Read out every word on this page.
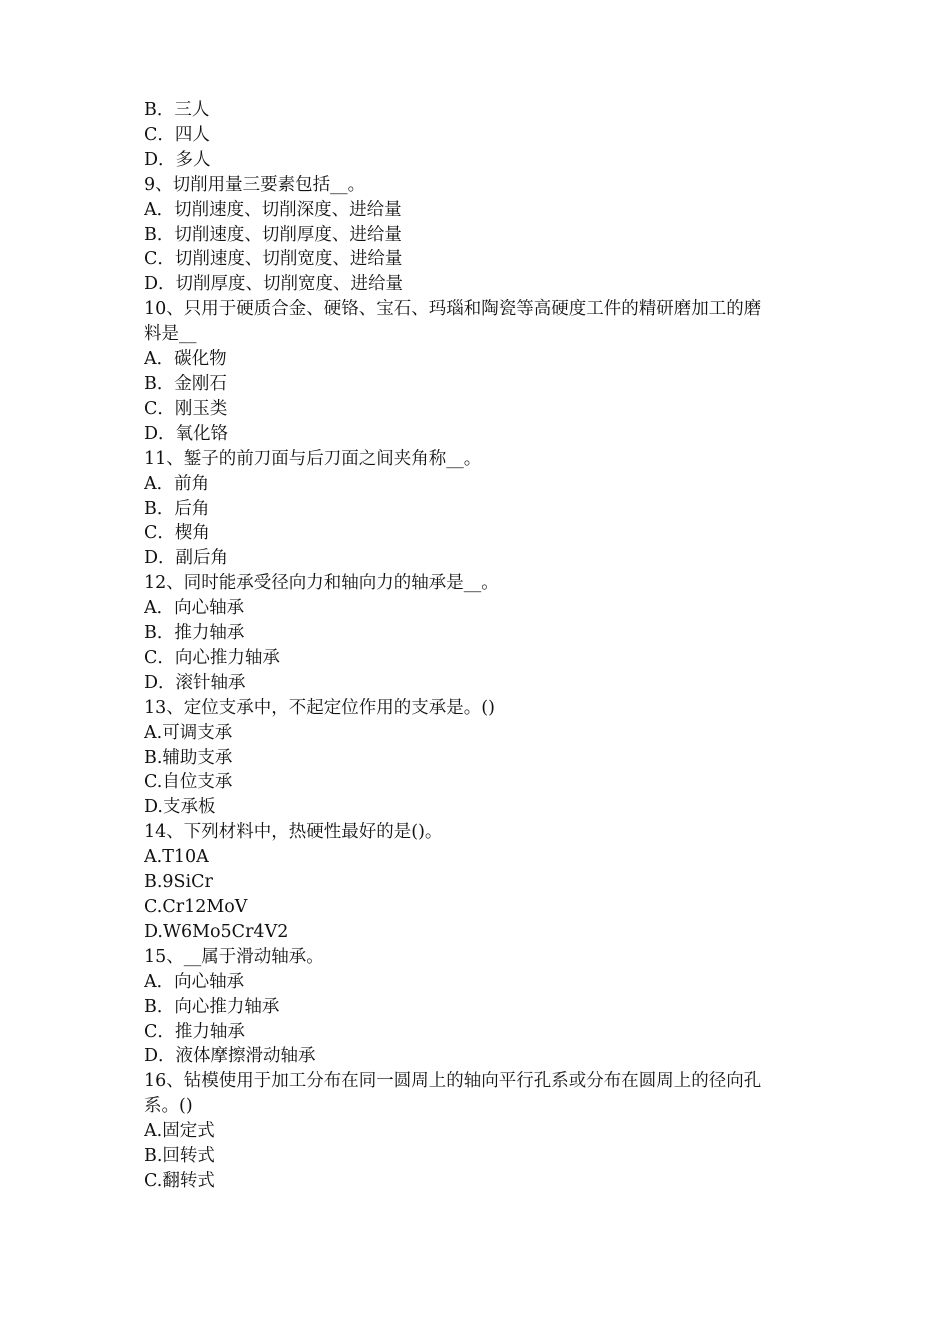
B．三人
C．四人
D．多人
9、切削用量三要素包括__。
A．切削速度、切削深度、进给量
B．切削速度、切削厚度、进给量
C．切削速度、切削宽度、进给量
D．切削厚度、切削宽度、进给量
10、只用于硬质合金、硬铬、宝石、玛瑙和陶瓷等高硬度工件的精研磨加工的磨
料是__
A．碳化物
B．金刚石
C．刚玉类
D．氧化铬
11、錾子的前刀面与后刀面之间夹角称__。
A．前角
B．后角
C．楔角
D．副后角
12、同时能承受径向力和轴向力的轴承是__。
A．向心轴承
B．推力轴承
C．向心推力轴承
D．滚针轴承
13、定位支承中，不起定位作用的支承是。()
A.可调支承
B.辅助支承
C.自位支承
D.支承板
14、下列材料中，热硬性最好的是()。
A.T10A
B.9SiCr
C.Cr12MoV
D.W6Mo5Cr4V2
15、__属于滑动轴承。
A．向心轴承
B．向心推力轴承
C．推力轴承
D．液体摩擦滑动轴承
16、钻模使用于加工分布在同一圆周上的轴向平行孔系或分布在圆周上的径向孔
系。()
A.固定式
B.回转式
C.翻转式
